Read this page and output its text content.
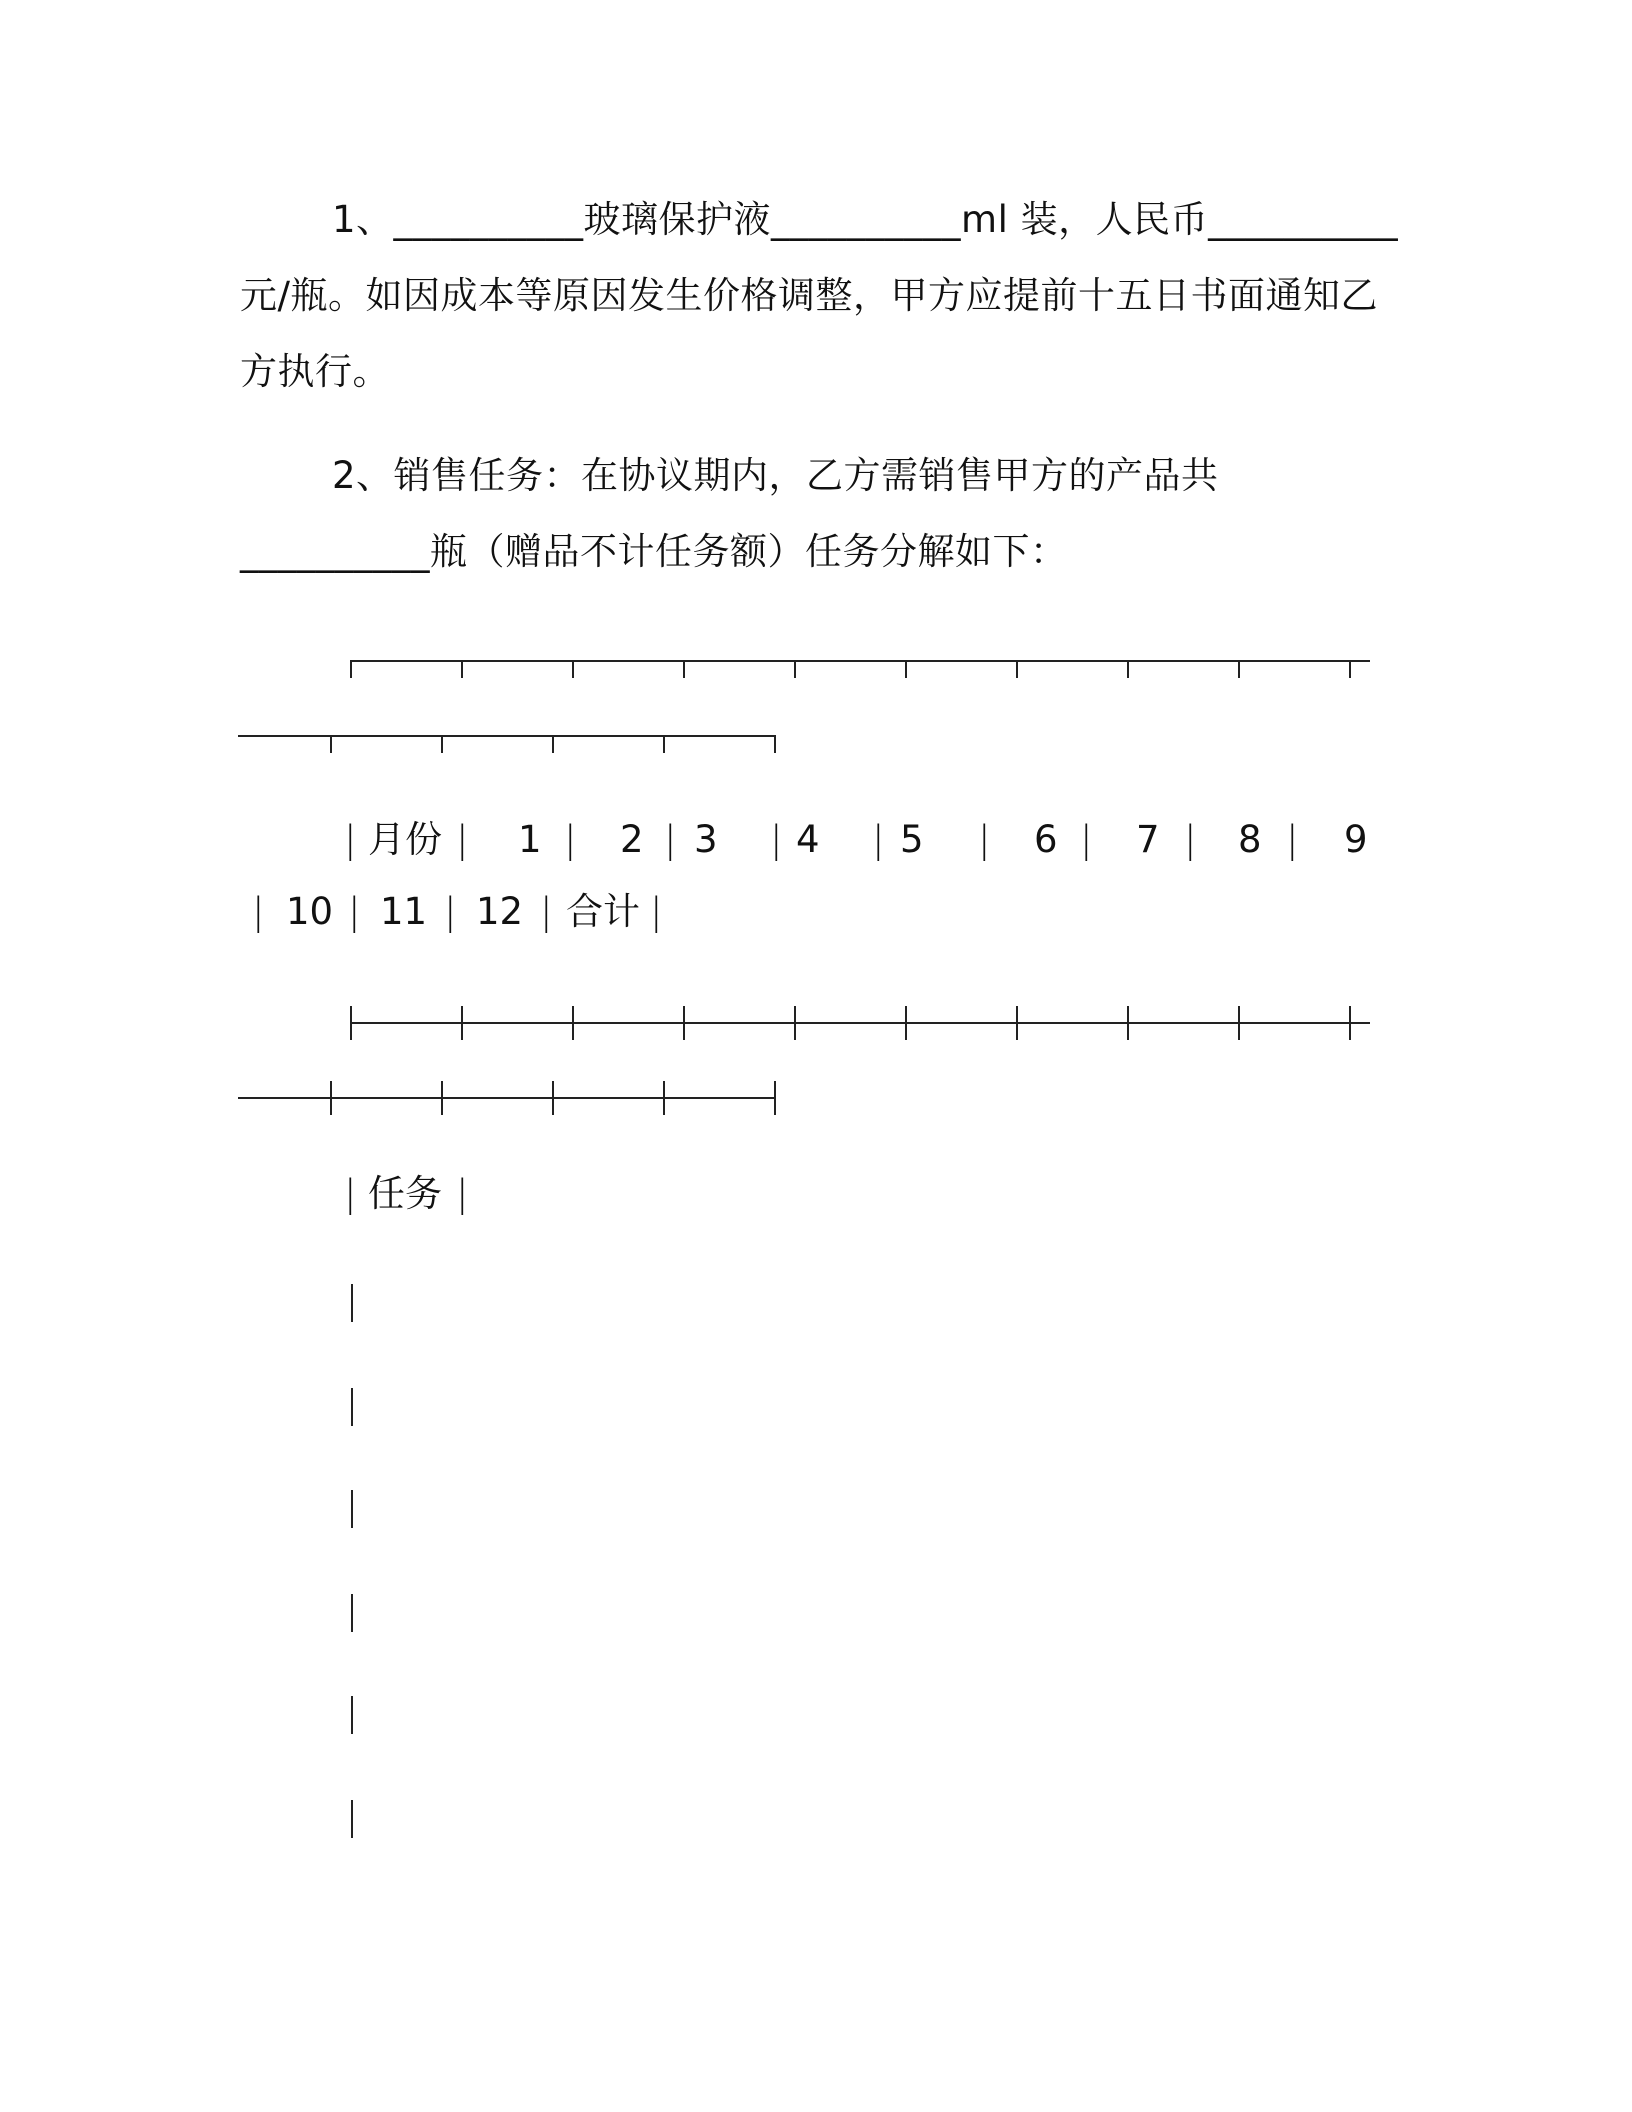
1、__________玻璃保护液__________ml 装，人民币__________
元/瓶。如因成本等原因发生价格调整，甲方应提前十五日书面通知乙
方执行。
2、销售任务：在协议期内，乙方需销售甲方的产品共
__________瓶（赠品不计任务额）任务分解如下：
| 月份 | 1 | 2 | 3 | 4 | 5 | 6 | 7 | 8 | 9
| 10 | 11 | 12 | 合计 |
| 任务 |
